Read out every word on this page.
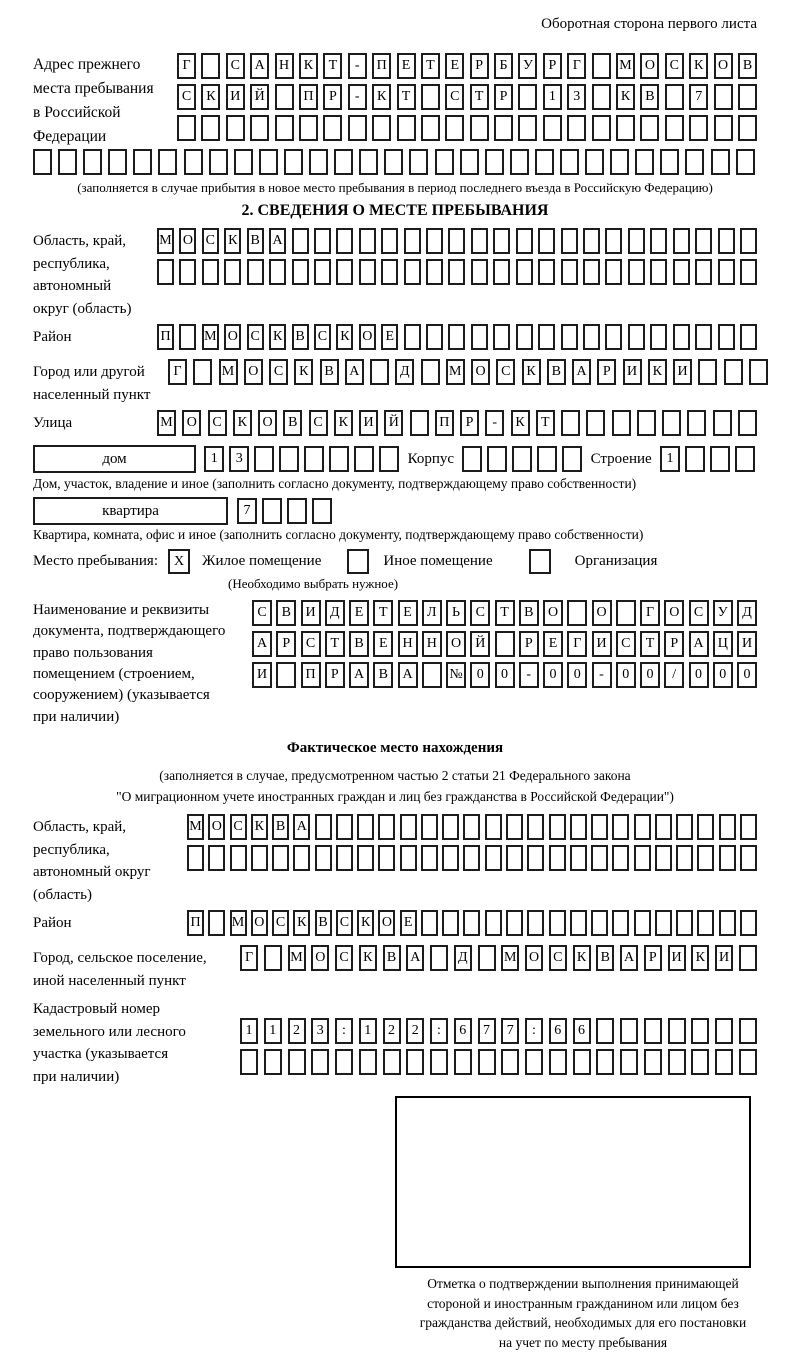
Оборотная сторона первого листа
Адрес прежнего
места пребывания
в Российской
Федерации
Г	С	А	Н	К	Т	-	П	Е	Т	Е	Р	Б	У	Р	Г	М О	С	К	О	В
С	К	И	Й	П	Р	-	К	Т	С	Т	Р	1	3	К	В	7
(заполняется в случае прибытия в новое место пребывания в период последнего въезда в Российскую Федерацию)
2. СВЕДЕНИЯ О МЕСТЕ ПРЕБЫВАНИЯ
Область, край,
республика,
автономный
округ (область)
М О С К В А
Район	П М О С К В С К О Е
Город или другой
населенный пункт
Г	М О	С	К	В	А	Д	М О	С	К	В	А	Р	И	К	И
Улица	М О	С	К	О	В	С	К	И	Й	П	Р	-	К	Т
дом	1	3	Корпус	Строение	1
Дом, участок, владение и иное (заполнить согласно документу, подтверждающему право собственности)
квартира	7
Квартира, комната, офис и иное (заполнить согласно документу, подтверждающему право собственности)
Место пребывания:	X	Жилое помещение	Иное помещение	Организация
(Необходимо выбрать нужное)
Наименование и реквизиты
документа, подтверждающего
право пользования
помещением (строением,
сооружением) (указывается
при наличии)
С	В	И	Д	Е	Т	Е	Л	Ь	С	Т	В	О	О	Г	О	С	У	Д
А	Р	С	Т	В	Е	Н	Н	О	Й	Р	Е	Г	И	С	Т	Р	А	Ц	И
И	П	Р	А	В	А	№	0	0	-	0	0	-	0	0	/	0	0	0
Фактическое место нахождения
(заполняется в случае, предусмотренном частью 2 статьи 21 Федерального закона
"О миграционном учете иностранных граждан и лиц без гражданства в Российской Федерации")
Область, край,
республика,
автономный округ
(область)
М О С К В А
Район	П М О С К В С К О Е
Город, сельское поселение,
иной населенный пункт
Г	М О	С	К	В	А	Д	М О	С	К	В	А	Р	И	К	И
Кадастровый номер
земельного или лесного
участка (указывается
при наличии)
1	1	2	3	:	1	2	2	:	6	7	7	:	6	6
Отметка о подтверждении выполнения принимающей
стороной и иностранным гражданином или лицом без
гражданства действий, необходимых для его постановки
на учет по месту пребывания
